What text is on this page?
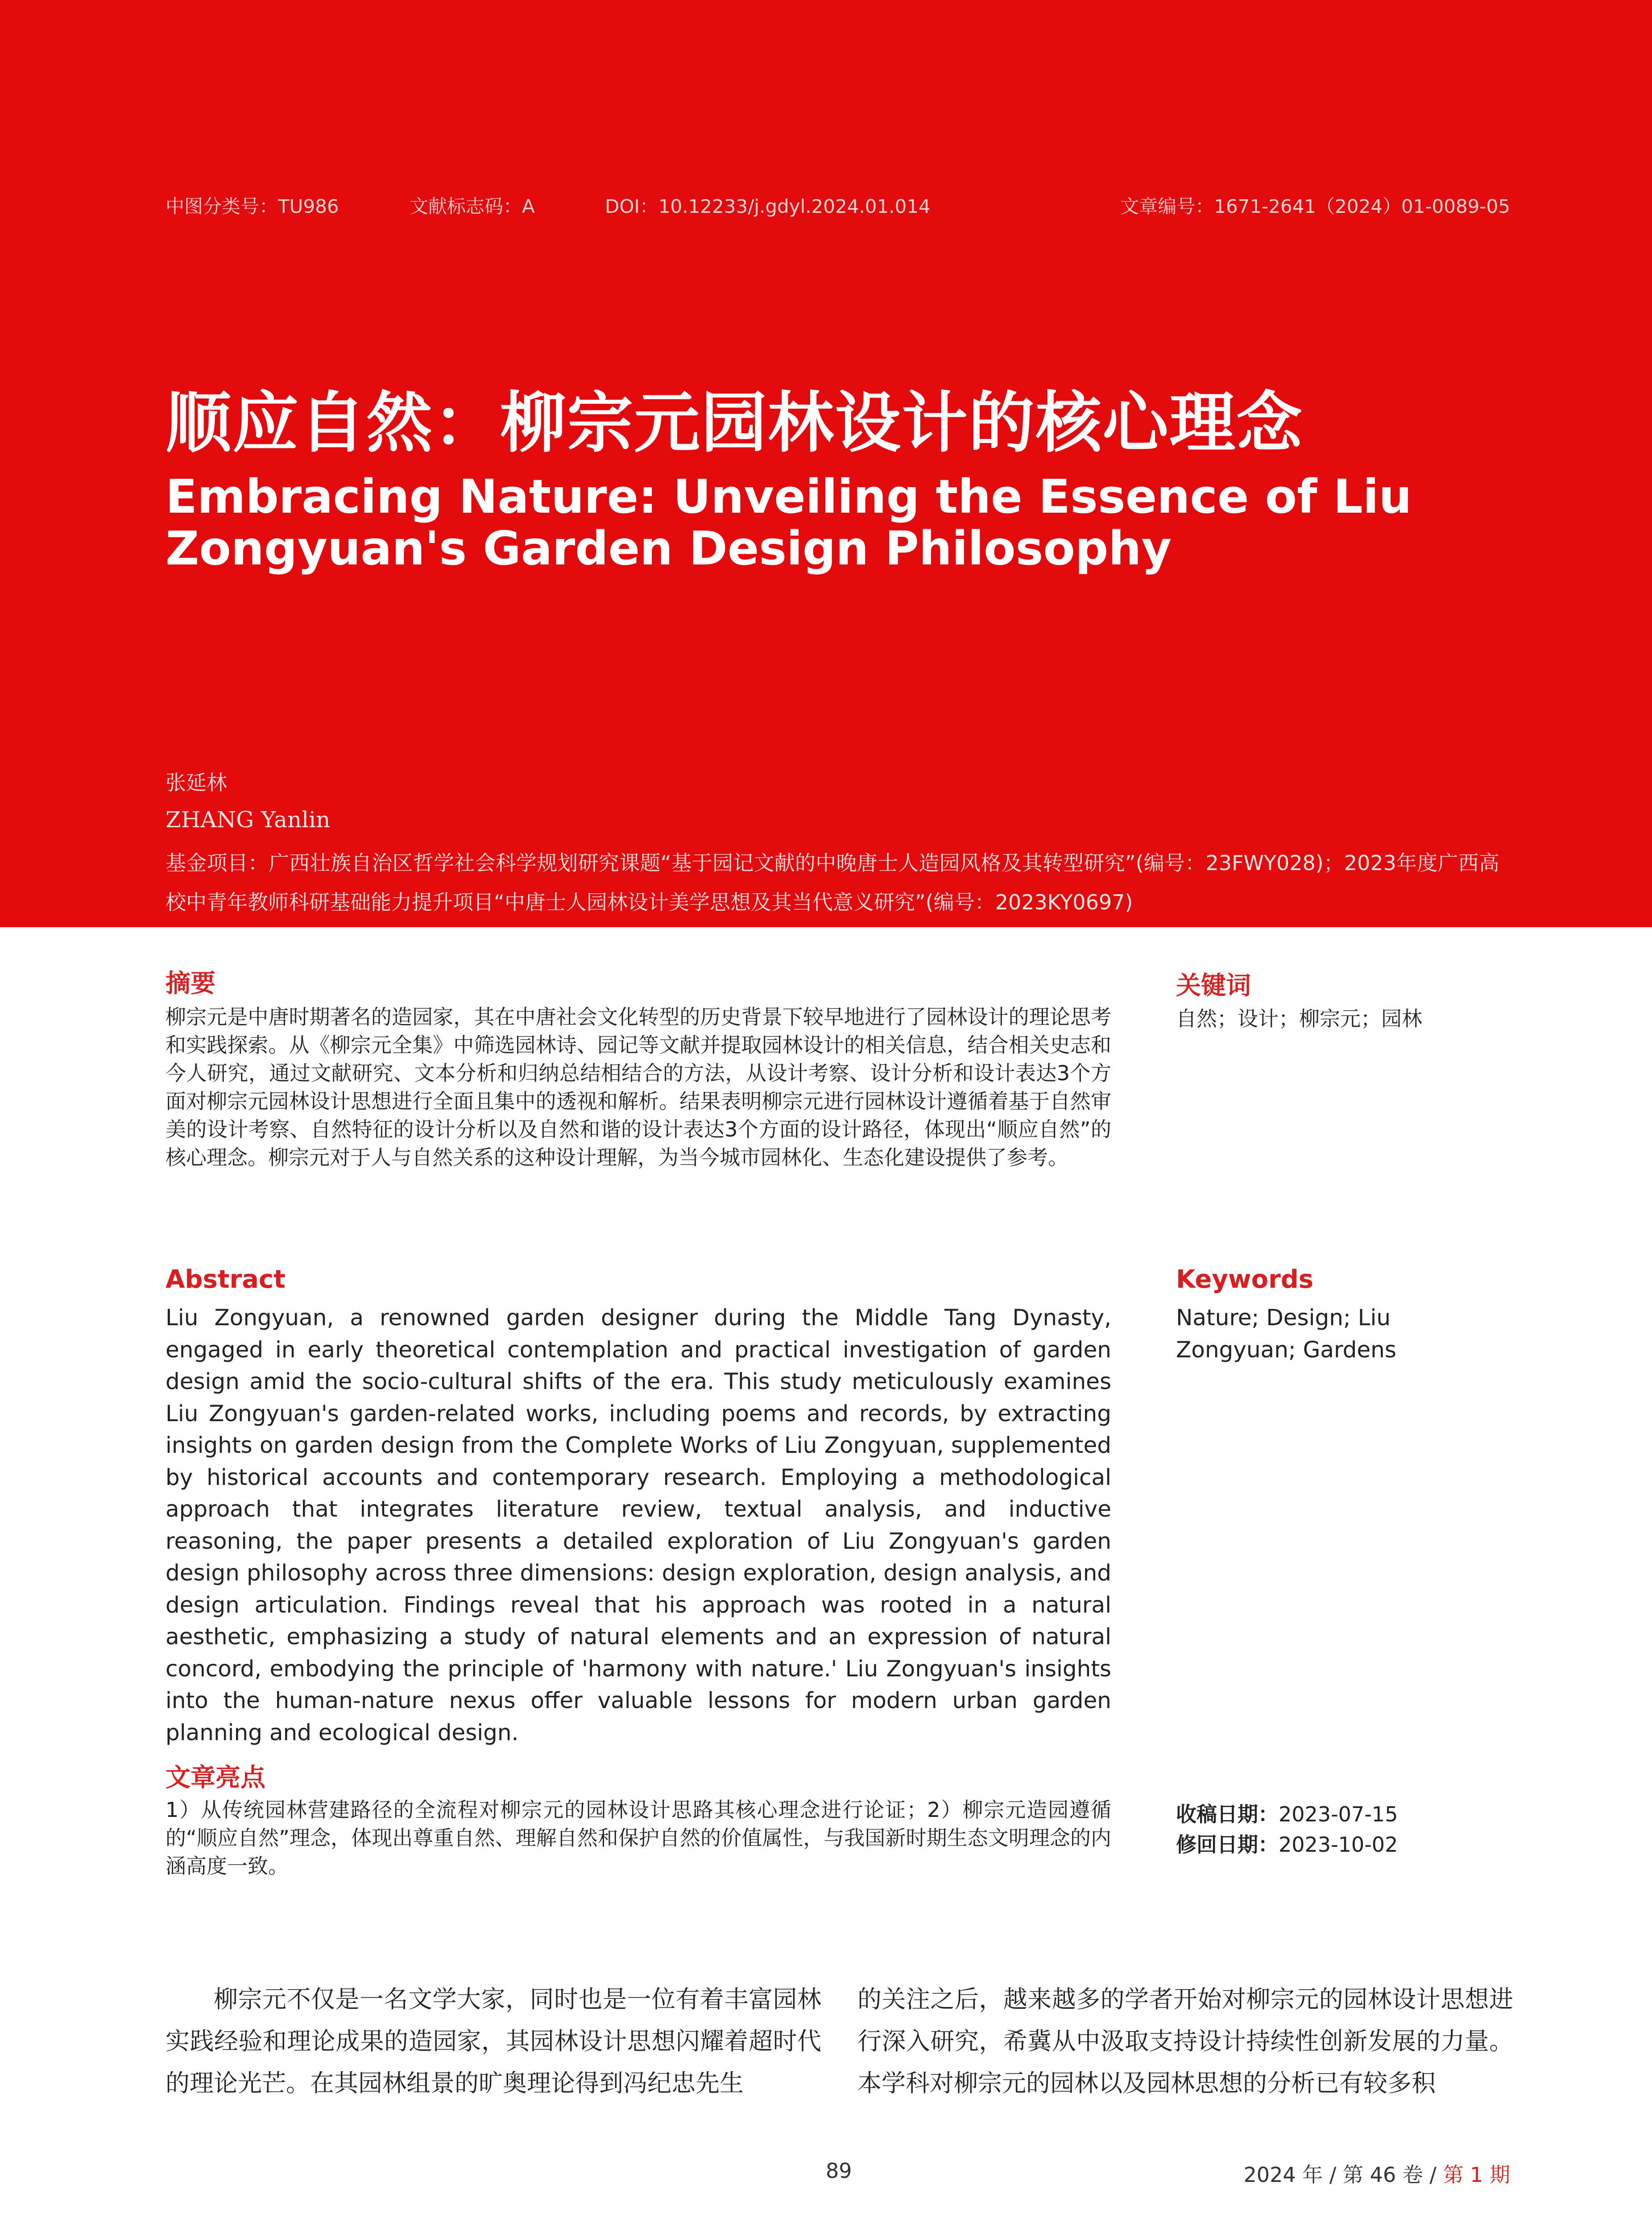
中图分类号：TU986	文献标志码：A	DOI：10.12233/j.gdyl.2024.01.014	文章编号：1671-2641（2024）01-0089-05
顺应自然：柳宗元园林设计的核心理念
Embracing Nature: Unveiling the Essence of Liu Zongyuan's Garden Design Philosophy
张延林
ZHANG Yanlin
基金项目：广西壮族自治区哲学社会科学规划研究课题“基于园记文献的中晚唐士人造园风格及其转型研究”(编号：23FWY028)；2023年度广西高校中青年教师科研基础能力提升项目“中唐士人园林设计美学思想及其当代意义研究”(编号：2023KY0697)
摘要
柳宗元是中唐时期著名的造园家，其在中唐社会文化转型的历史背景下较早地进行了园林设计的理论思考和实践探索。从《柳宗元全集》中筛选园林诗、园记等文献并提取园林设计的相关信息，结合相关史志和今人研究，通过文献研究、文本分析和归纳总结相结合的方法，从设计考察、设计分析和设计表达3个方面对柳宗元园林设计思想进行全面且集中的透视和解析。结果表明柳宗元进行园林设计遵循着基于自然审美的设计考察、自然特征的设计分析以及自然和谐的设计表达3个方面的设计路径，体现出“顺应自然”的核心理念。柳宗元对于人与自然关系的这种设计理解，为当今城市园林化、生态化建设提供了参考。
关键词
自然；设计；柳宗元；园林
Abstract
Liu Zongyuan, a renowned garden designer during the Middle Tang Dynasty, engaged in early theoretical contemplation and practical investigation of garden design amid the socio-cultural shifts of the era. This study meticulously examines Liu Zongyuan's garden-related works, including poems and records, by extracting insights on garden design from the Complete Works of Liu Zongyuan, supplemented by historical accounts and contemporary research. Employing a methodological approach that integrates literature review, textual analysis, and inductive reasoning, the paper presents a detailed exploration of Liu Zongyuan's garden design philosophy across three dimensions: design exploration, design analysis, and design articulation. Findings reveal that his approach was rooted in a natural aesthetic, emphasizing a study of natural elements and an expression of natural concord, embodying the principle of 'harmony with nature.' Liu Zongyuan's insights into the human-nature nexus offer valuable lessons for modern urban garden planning and ecological design.
Keywords
Nature; Design; Liu Zongyuan; Gardens
文章亮点
1）从传统园林营建路径的全流程对柳宗元的园林设计思路其核心理念进行论证；2）柳宗元造园遵循的“顺应自然”理念，体现出尊重自然、理解自然和保护自然的价值属性，与我国新时期生态文明理念的内涵高度一致。
收稿日期：2023-07-15
修回日期：2023-10-02
柳宗元不仅是一名文学大家，同时也是一位有着丰富园林实践经验和理论成果的造园家，其园林设计思想闪耀着超时代的理论光芒。在其园林组景的旷奥理论得到冯纪忠先生
的关注之后，越来越多的学者开始对柳宗元的园林设计思想进行深入研究，希冀从中汲取支持设计持续性创新发展的力量。本学科对柳宗元的园林以及园林思想的分析已有较多积
89	2024 年 / 第 46 卷 / 第 1 期
